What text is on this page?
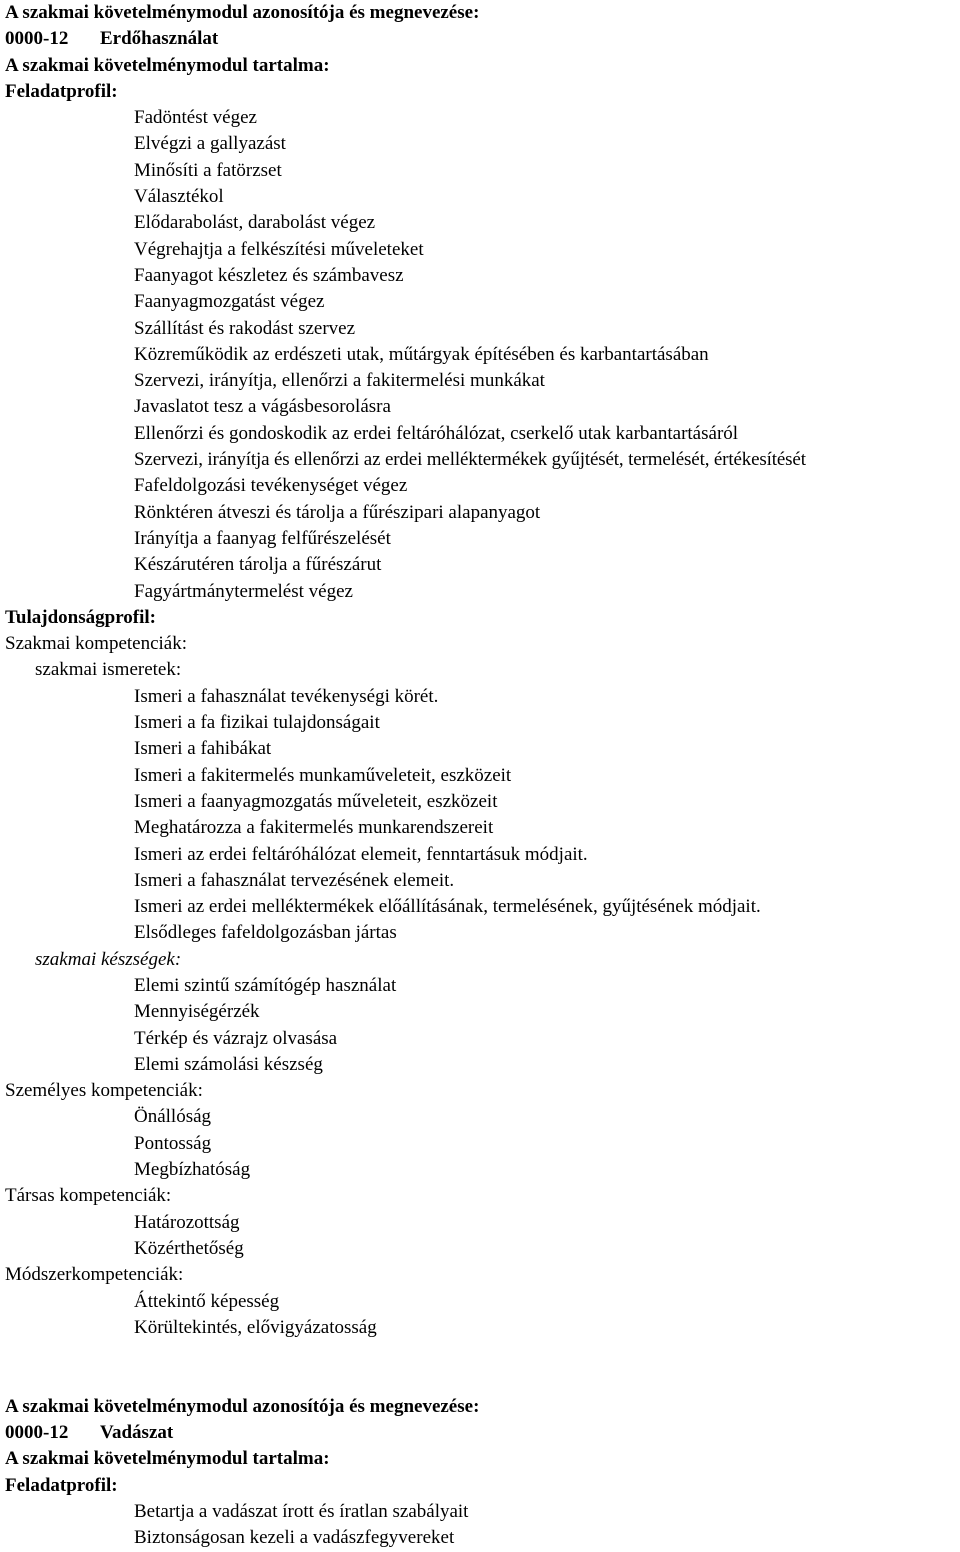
A szakmai követelménymodul azonosítója és megnevezése:
0000-12 Erdőhasználat
A szakmai követelménymodul tartalma:
Feladatprofil:
Fadöntést végez
Elvégzi a gallyazást
Minősíti a fatörzset
Választékol
Elődarabolást, darabolást végez
Végrehajtja a felkészítési műveleteket
Faanyagot készletez és számbavesz
Faanyagmozgatást végez
Szállítást és rakodást szervez
Közreműködik az erdészeti utak, műtárgyak építésében és karbantartásában
Szervezi, irányítja, ellenőrzi a fakitermelési munkákat
Javaslatot tesz a vágásbesorolásra
Ellenőrzi és gondoskodik az erdei feltáróhálózat, cserkelő utak karbantartásáról
Szervezi, irányítja és ellenőrzi az erdei melléktermékek gyűjtését, termelését, értékesítését
Fafeldolgozási tevékenységet végez
Rönktéren átveszi és tárolja a fűrészipari alapanyagot
Irányítja a faanyag felfűrészelését
Készárutéren tárolja a fűrészárut
Fagyártmánytermelést végez
Tulajdonságprofil:
Szakmai kompetenciák:
szakmai ismeretek:
Ismeri a fahasználat tevékenységi körét.
Ismeri a fa fizikai tulajdonságait
Ismeri a fahibákat
Ismeri a fakitermelés munkaműveleteit, eszközeit
Ismeri a faanyagmozgatás műveleteit, eszközeit
Meghatározza a fakitermelés munkarendszereit
Ismeri az erdei feltáróhálózat elemeit, fenntartásuk módjait.
Ismeri a fahasználat tervezésének elemeit.
Ismeri az erdei melléktermékek előállításának, termelésének, gyűjtésének módjait.
Elsődleges fafeldolgozásban jártas
szakmai készségek:
Elemi szintű számítógép használat
Mennyiségérzék
Térkép és vázrajz olvasása
Elemi számolási készség
Személyes kompetenciák:
Önállóság
Pontosság
Megbízhatóság
Társas kompetenciák:
Határozottság
Közérthetőség
Módszerkompetenciák:
Áttekintő képesség
Körültekintés, elővigyázatosság
A szakmai követelménymodul azonosítója és megnevezése:
0000-12 Vadászat
A szakmai követelménymodul tartalma:
Feladatprofil:
Betartja a vadászat írott és íratlan szabályait
Biztonságosan kezeli a vadászfegyvereket
